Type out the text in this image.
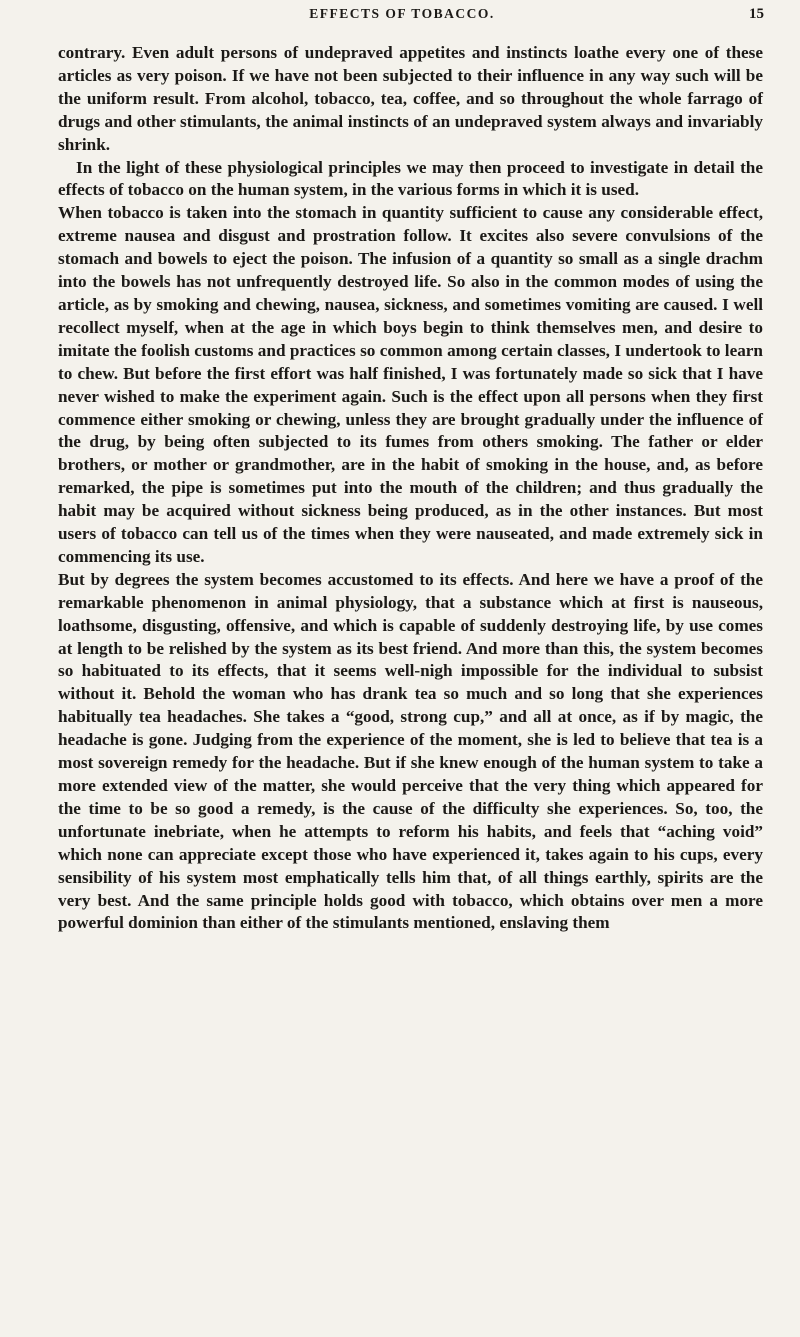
EFFECTS OF TOBACCO.	15

contrary. Even adult persons of undepraved appetites and instincts loathe every one of these articles as very poison. If we have not been subjected to their influence in any way such will be the uniform result. From alcohol, tobacco, tea, coffee, and so throughout the whole farrago of drugs and other stimulants, the animal instincts of an undepraved system always and invariably shrink.

In the light of these physiological principles we may then proceed to investigate in detail the effects of tobacco on the human system, in the various forms in which it is used.

When tobacco is taken into the stomach in quantity sufficient to cause any considerable effect, extreme nausea and disgust and prostration follow. It excites also severe convulsions of the stomach and bowels to eject the poison. The infusion of a quantity so small as a single drachm into the bowels has not unfrequently destroyed life. So also in the common modes of using the article, as by smoking and chewing, nausea, sickness, and sometimes vomiting are caused. I well recollect myself, when at the age in which boys begin to think themselves men, and desire to imitate the foolish customs and practices so common among certain classes, I undertook to learn to chew. But before the first effort was half finished, I was fortunately made so sick that I have never wished to make the experiment again. Such is the effect upon all persons when they first commence either smoking or chewing, unless they are brought gradually under the influence of the drug, by being often subjected to its fumes from others smoking. The father or elder brothers, or mother or grandmother, are in the habit of smoking in the house, and, as before remarked, the pipe is sometimes put into the mouth of the children; and thus gradually the habit may be acquired without sickness being produced, as in the other instances. But most users of tobacco can tell us of the times when they were nauseated, and made extremely sick in commencing its use.

But by degrees the system becomes accustomed to its effects. And here we have a proof of the remarkable phenomenon in animal physiology, that a substance which at first is nauseous, loathsome, disgusting, offensive, and which is capable of suddenly destroying life, by use comes at length to be relished by the system as its best friend. And more than this, the system becomes so habituated to its effects, that it seems well-nigh impossible for the individual to subsist without it. Behold the woman who has drank tea so much and so long that she experiences habitually tea headaches. She takes a “good, strong cup,” and all at once, as if by magic, the headache is gone. Judging from the experience of the moment, she is led to believe that tea is a most sovereign remedy for the headache. But if she knew enough of the human system to take a more extended view of the matter, she would perceive that the very thing which appeared for the time to be so good a remedy, is the cause of the difficulty she experiences. So, too, the unfortunate inebriate, when he attempts to reform his habits, and feels that “aching void” which none can appreciate except those who have experienced it, takes again to his cups, every sensibility of his system most emphatically tells him that, of all things earthly, spirits are the very best. And the same principle holds good with tobacco, which obtains over men a more powerful dominion than either of the stimulants mentioned, enslaving them
